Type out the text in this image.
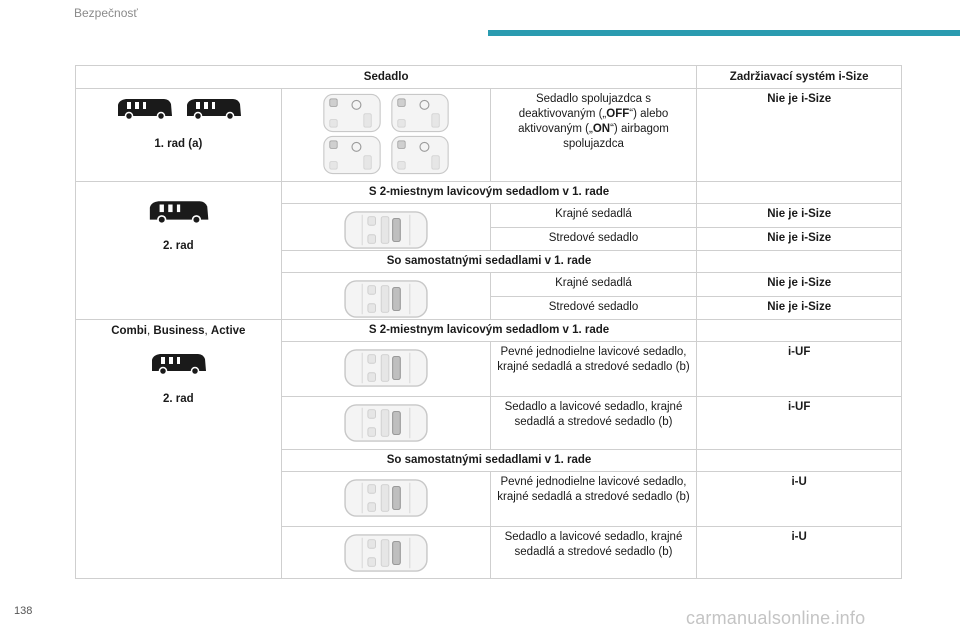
Bezpečnosť
Sedadlo			Zadržiavací systém i-Size

1. rad (a)		Sedadlo spolujazdca s deaktivovaným („OFF“) alebo aktivovaným („ON“) airbagom spolujazdca	Nie je i-Size

2. rad	S 2-miestnym lavicovým sedadlom v 1. rade		

	Krajné sedadlá	Nie je i-Size
		Stredové sedadlo	Nie je i-Size
	So samostatnými sedadlami v 1. rade		

	Krajné sedadlá	Nie je i-Size
		Stredové sedadlo	Nie je i-Size
Combi, Business, Active

2. rad	S 2-miestnym lavicovým sedadlom v 1. rade		

	Pevné jednodielne lavicové sedadlo, krajné sedadlá a stredové sedadlo (b)	i-UF

	Sedadlo a lavicové sedadlo, krajné sedadlá a stredové sedadlo (b)	i-UF
	So samostatnými sedadlami v 1. rade		

	Pevné jednodielne lavicové sedadlo, krajné sedadlá a stredové sedadlo (b)	i-U

	Sedadlo a lavicové sedadlo, krajné sedadlá a stredové sedadlo (b)	i-U
138	carmanualsonline.info
